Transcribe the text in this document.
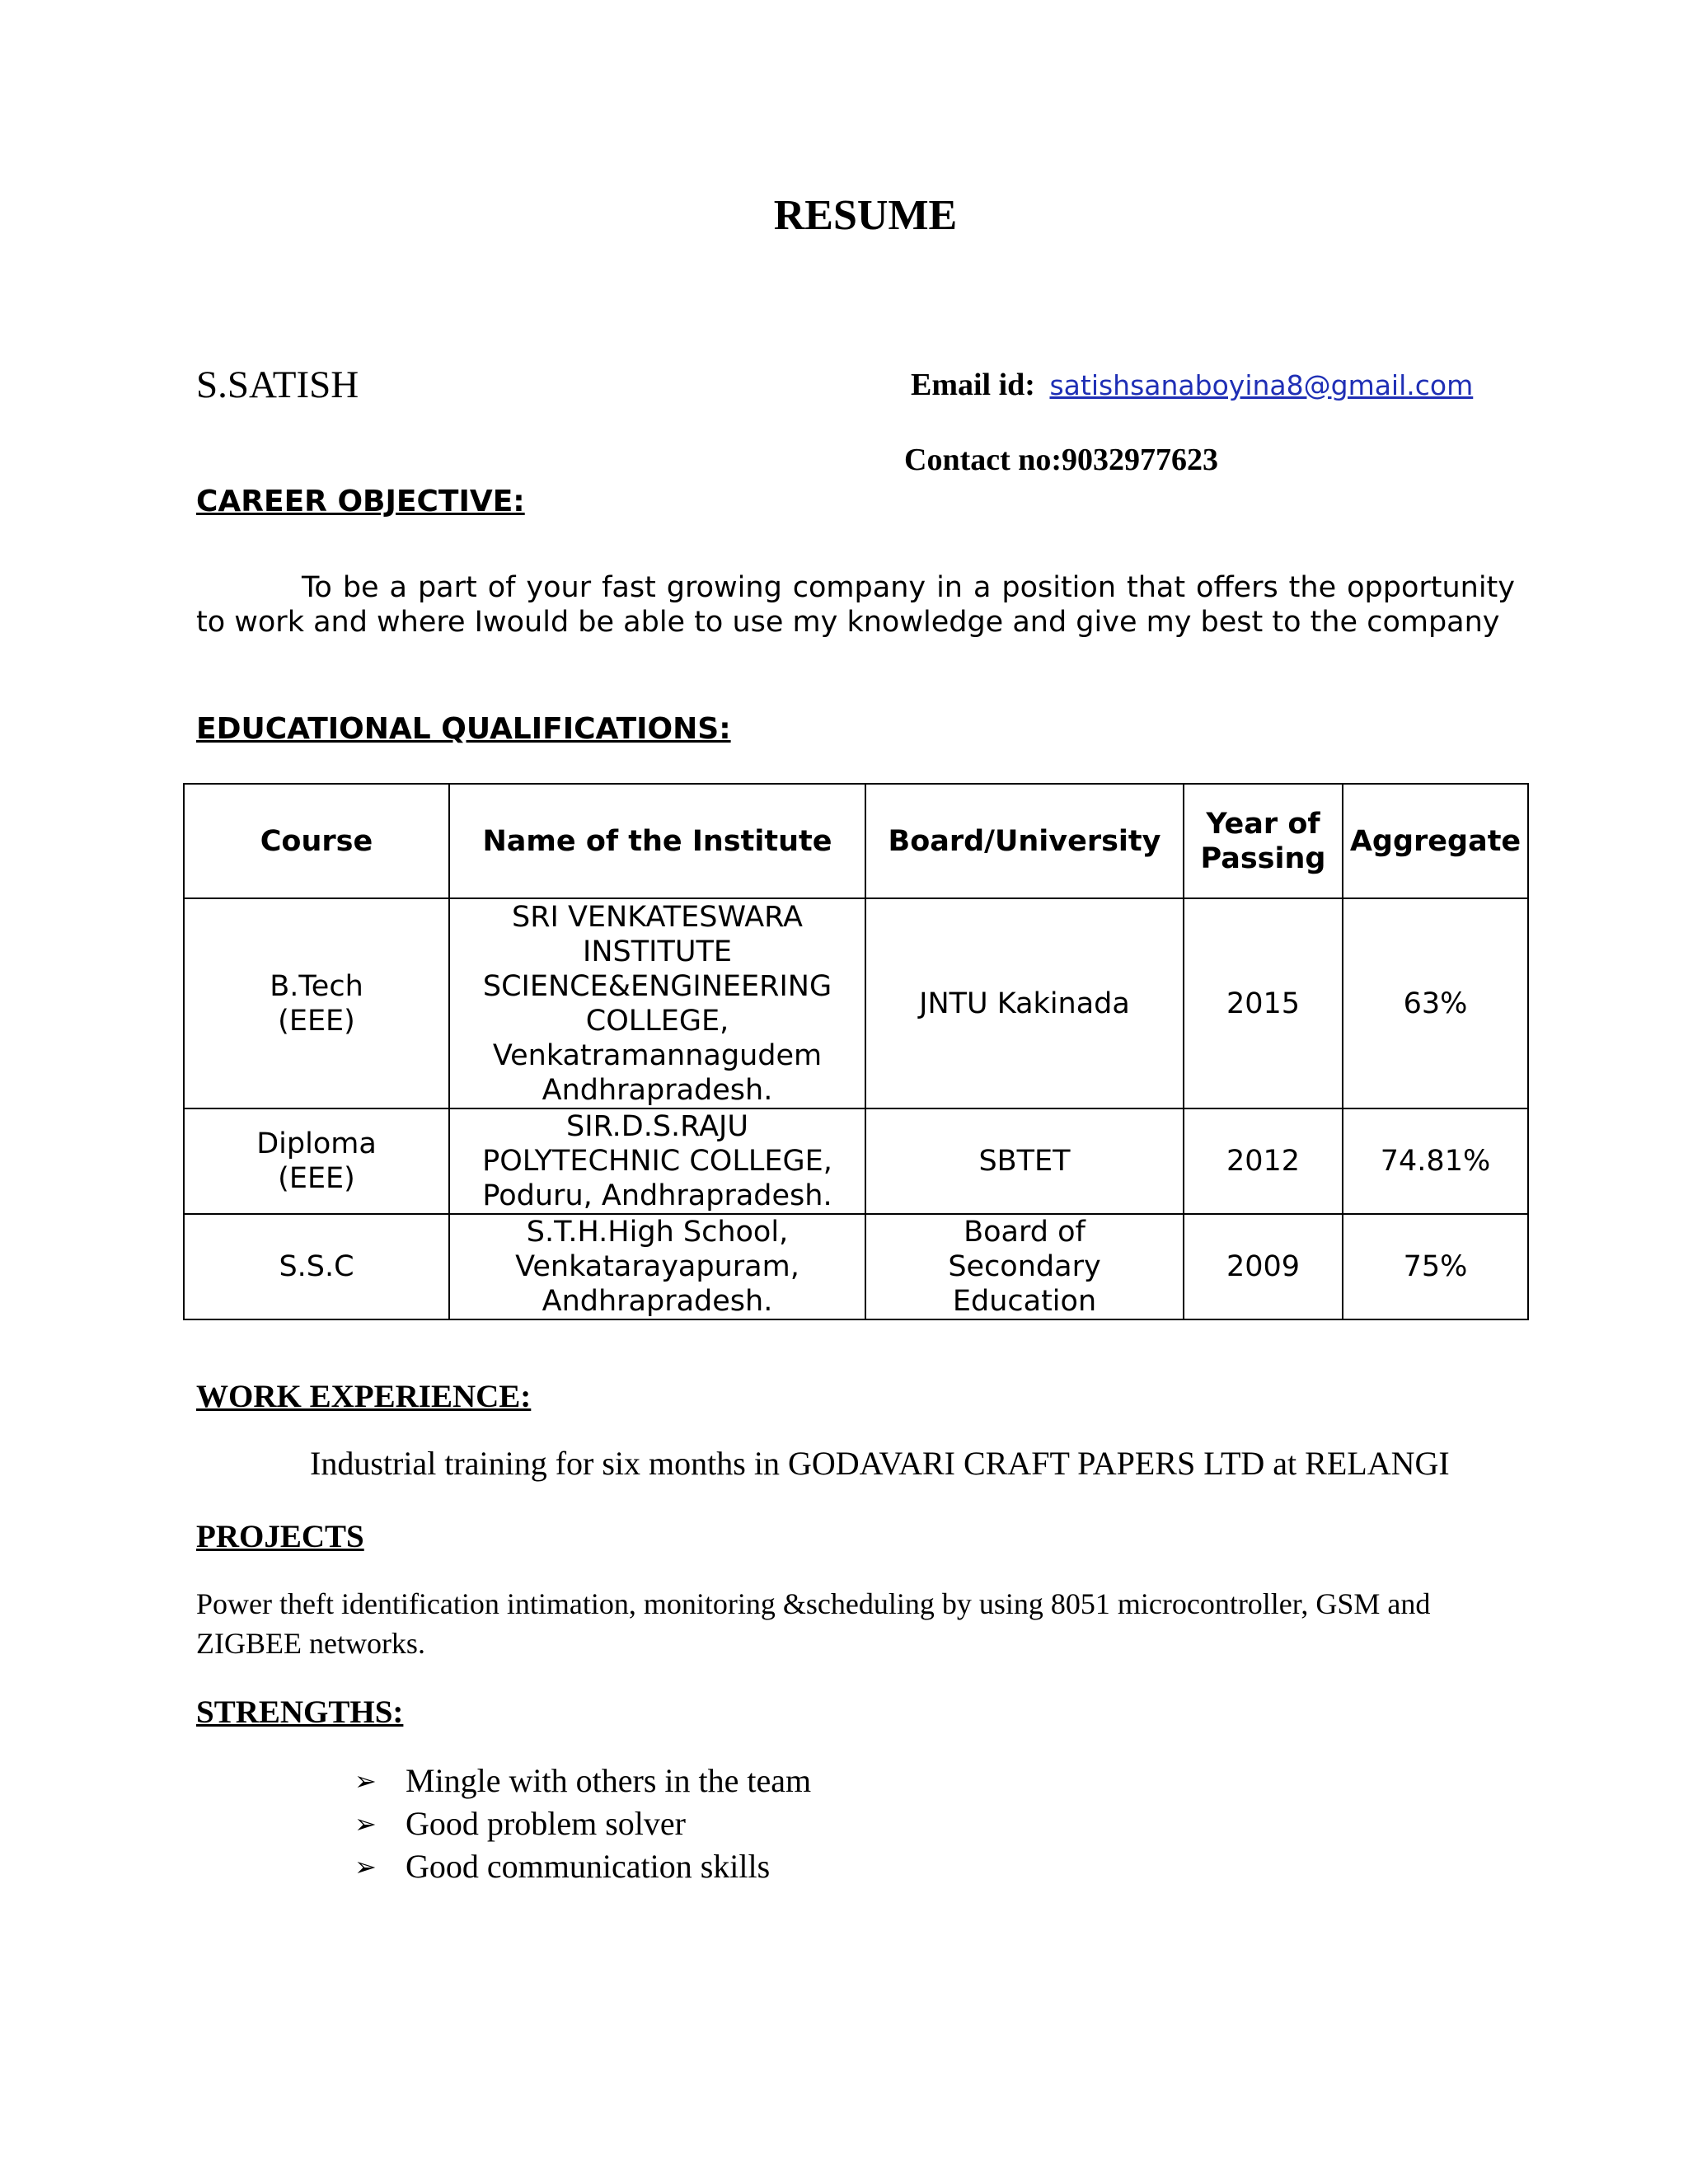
RESUME
S.SATISH	Email id: satishsanaboyina8@gmail.com
Contact no:9032977623
CAREER OBJECTIVE:
To be a part of your fast growing company in a position that offers the opportunity to work and where Iwould be able to use my knowledge and give my best to the company
EDUCATIONAL QUALIFICATIONS:
Course	Name of the Institute	Board/University	Year of Passing	Aggregate
B.Tech (EEE)	SRI VENKATESWARA INSTITUTE SCIENCE&ENGINEERING COLLEGE, Venkatramannagudem Andhrapradesh.	JNTU Kakinada	2015	63%
Diploma (EEE)	SIR.D.S.RAJU POLYTECHNIC COLLEGE, Poduru, Andhrapradesh.	SBTET	2012	74.81%
S.S.C	S.T.H.High School, Venkatarayapuram, Andhrapradesh.	Board of Secondary Education	2009	75%
WORK EXPERIENCE:
Industrial training for six months in GODAVARI CRAFT PAPERS LTD at RELANGI
PROJECTS
Power theft identification intimation, monitoring &scheduling by using 8051 microcontroller, GSM and ZIGBEE networks.
STRENGTHS:
➢ Mingle with others in the team
➢ Good problem solver
➢ Good communication skills
